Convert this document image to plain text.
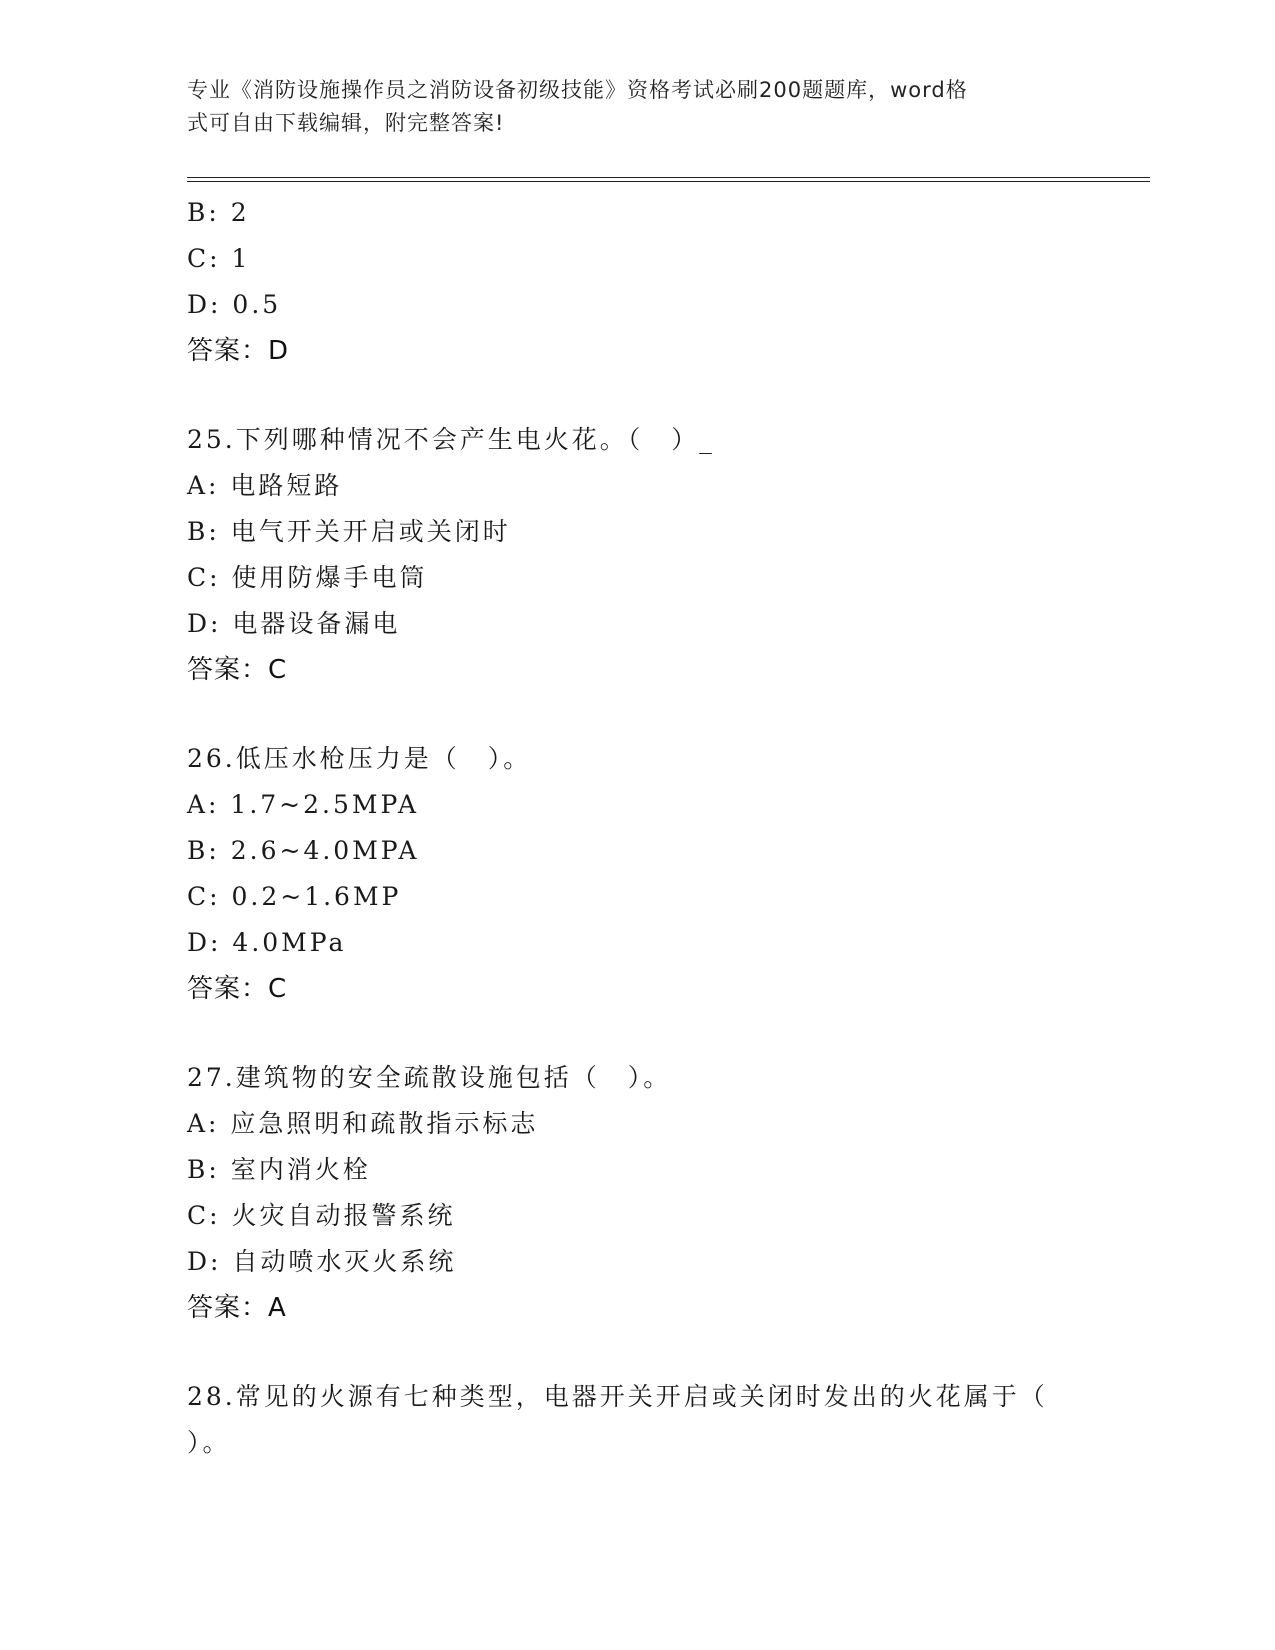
专业《消防设施操作员之消防设备初级技能》资格考试必刷200题题库，word格
式可自由下载编辑，附完整答案!
B: 2
C: 1
D: 0.5
答案：D
25.下列哪种情况不会产生电火花。（　）_
A: 电路短路
B: 电气开关开启或关闭时
C: 使用防爆手电筒
D: 电器设备漏电
答案：C
26.低压水枪压力是（　）。
A: 1.7~2.5MPA
B: 2.6~4.0MPA
C: 0.2~1.6MP
D: 4.0MPa
答案：C
27.建筑物的安全疏散设施包括（　）。
A: 应急照明和疏散指示标志
B: 室内消火栓
C: 火灾自动报警系统
D: 自动喷水灭火系统
答案：A
28.常见的火源有七种类型，电器开关开启或关闭时发出的火花属于（
）。
